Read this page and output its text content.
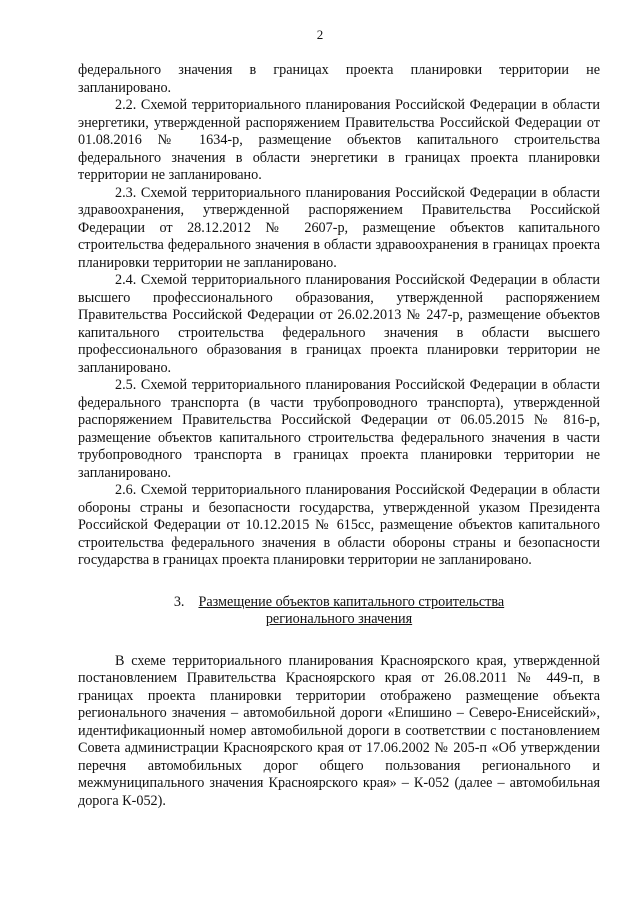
2

федерального значения в границах проекта планировки территории не запланировано.

2.2. Схемой территориального планирования Российской Федерации в области энергетики, утвержденной распоряжением Правительства Российской Федерации от 01.08.2016 № 1634-р, размещение объектов капитального строительства федерального значения в области энергетики в границах проекта планировки территории не запланировано.

2.3. Схемой территориального планирования Российской Федерации в области здравоохранения, утвержденной распоряжением Правительства Российской Федерации от 28.12.2012 № 2607-р, размещение объектов капитального строительства федерального значения в области здравоохранения в границах проекта планировки территории не запланировано.

2.4. Схемой территориального планирования Российской Федерации в области высшего профессионального образования, утвержденной распоряжением Правительства Российской Федерации от 26.02.2013 № 247-р, размещение объектов капитального строительства федерального значения в области высшего профессионального образования в границах проекта планировки территории не запланировано.

2.5. Схемой территориального планирования Российской Федерации в области федерального транспорта (в части трубопроводного транспорта), утвержденной распоряжением Правительства Российской Федерации от 06.05.2015 № 816-р, размещение объектов капитального строительства федерального значения в части трубопроводного транспорта в границах проекта планировки территории не запланировано.

2.6. Схемой территориального планирования Российской Федерации в области обороны страны и безопасности государства, утвержденной указом Президента Российской Федерации от 10.12.2015 № 615сс, размещение объектов капитального строительства федерального значения в области обороны страны и безопасности государства в границах проекта планировки территории не запланировано.

3. Размещение объектов капитального строительства
регионального значения

В схеме территориального планирования Красноярского края, утвержденной постановлением Правительства Красноярского края от 26.08.2011 № 449-п, в границах проекта планировки территории отображено размещение объекта регионального значения – автомобильной дороги «Епишино – Северо-Енисейский», идентификационный номер автомобильной дороги в соответствии с постановлением Совета администрации Красноярского края от 17.06.2002 № 205-п «Об утверждении перечня автомобильных дорог общего пользования регионального и межмуниципального значения Красноярского края» – К-052 (далее – автомобильная дорога К-052).
